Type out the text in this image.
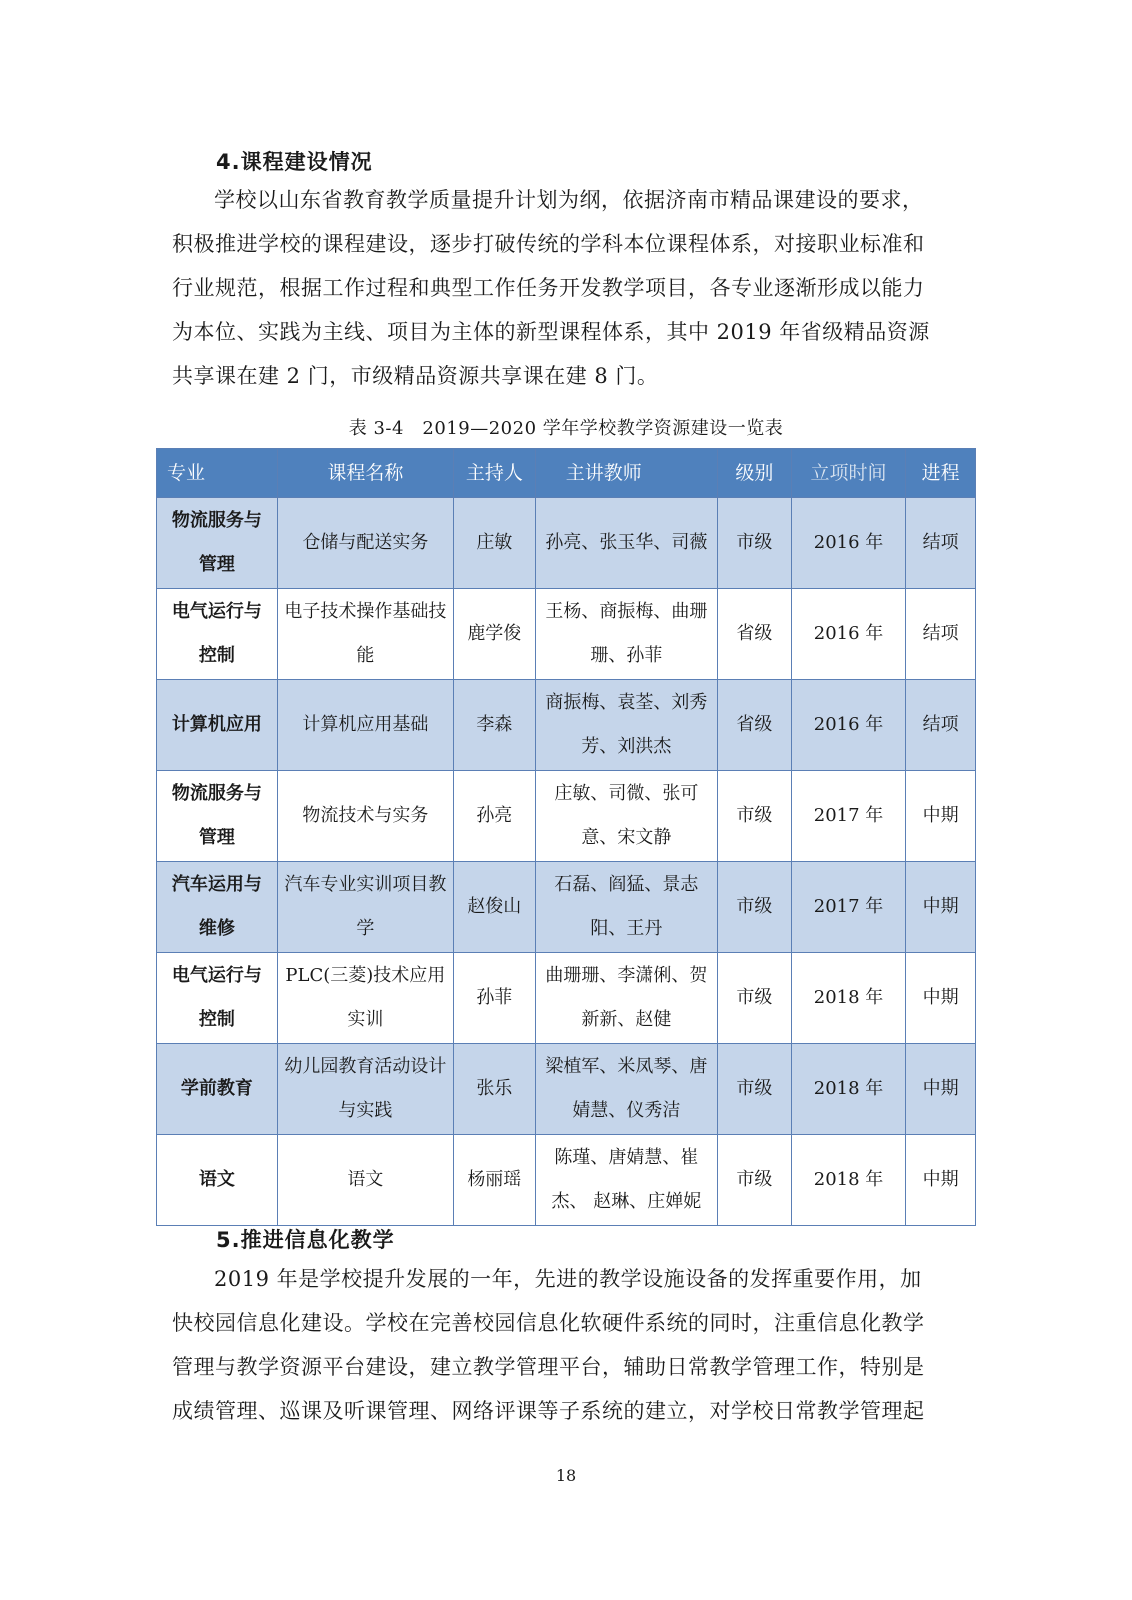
4.课程建设情况
学校以山东省教育教学质量提升计划为纲，依据济南市精品课建设的要求，
积极推进学校的课程建设，逐步打破传统的学科本位课程体系，对接职业标准和
行业规范，根据工作过程和典型工作任务开发教学项目，各专业逐渐形成以能力
为本位、实践为主线、项目为主体的新型课程体系，其中 2019 年省级精品资源
共享课在建 2 门，市级精品资源共享课在建 8 门。
表 3-4　2019—2020 学年学校教学资源建设一览表
专业	课程名称	主持人	主讲教师	级别	立项时间	进程
物流服务与管理	仓储与配送实务	庄敏	孙亮、张玉华、司薇	市级	2016 年	结项
电气运行与控制	电子技术操作基础技能	鹿学俊	王杨、商振梅、曲珊珊、孙菲	省级	2016 年	结项
计算机应用	计算机应用基础	李森	商振梅、袁荃、刘秀芳、刘洪杰	省级	2016 年	结项
物流服务与管理	物流技术与实务	孙亮	庄敏、司微、张可意、宋文静	市级	2017 年	中期
汽车运用与维修	汽车专业实训项目教学	赵俊山	石磊、阎猛、景志阳、王丹	市级	2017 年	中期
电气运行与控制	PLC(三菱)技术应用实训	孙菲	曲珊珊、李潇俐、贺新新、赵健	市级	2018 年	中期
学前教育	幼儿园教育活动设计与实践	张乐	梁植军、米凤琴、唐婧慧、仪秀洁	市级	2018 年	中期
语文	语文	杨丽瑶	陈瑾、唐婧慧、崔杰、 赵琳、庄婵妮	市级	2018 年	中期
5.推进信息化教学
2019 年是学校提升发展的一年，先进的教学设施设备的发挥重要作用，加
快校园信息化建设。学校在完善校园信息化软硬件系统的同时，注重信息化教学
管理与教学资源平台建设，建立教学管理平台，辅助日常教学管理工作，特别是
成绩管理、巡课及听课管理、网络评课等子系统的建立，对学校日常教学管理起
18
